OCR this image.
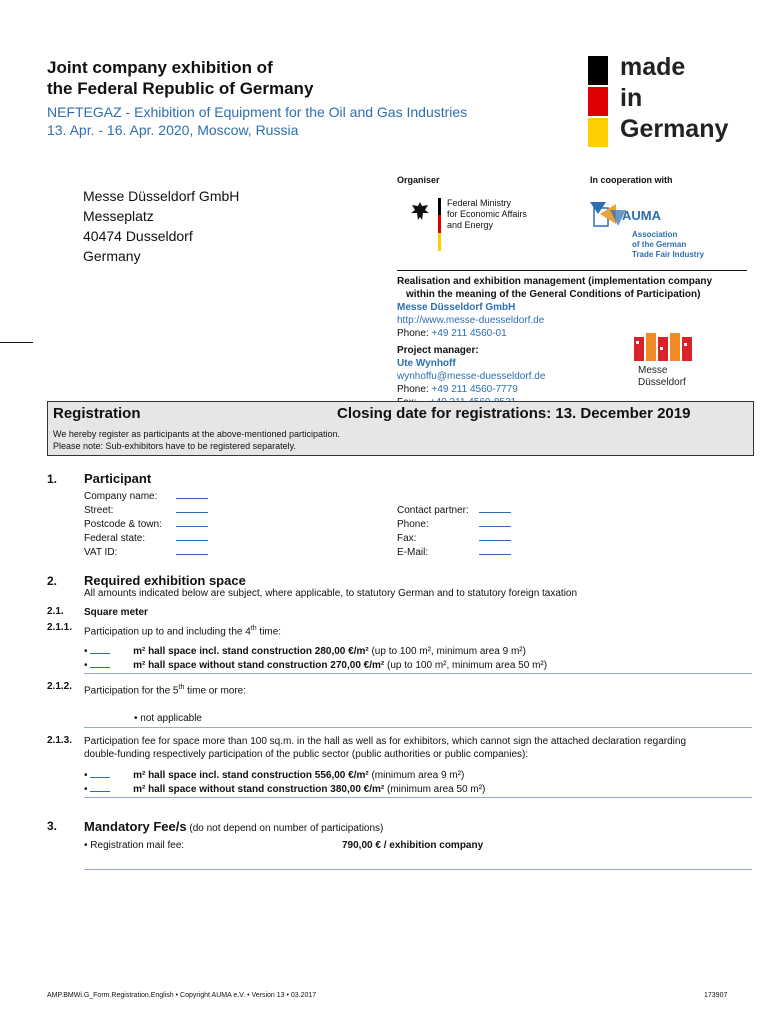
Joint company exhibition of
the Federal Republic of Germany
NEFTEGAZ - Exhibition of Equipment for the Oil and Gas Industries
13. Apr. - 16. Apr. 2020, Moscow, Russia
made
in
Germany
Organiser	In cooperation with
Messe Düsseldorf GmbH
Messeplatz
40474 Dusseldorf
Germany
Federal Ministry
for Economic Affairs
and Energy
AUMA
Association
of the German
Trade Fair Industry
Realisation and exhibition management (implementation company
within the meaning of the General Conditions of Participation)
Messe Düsseldorf GmbH
http://www.messe-duesseldorf.de
Phone: +49 211 4560-01
Project manager:
Ute Wynhoff
wynhoffu@messe-duesseldorf.de
Phone: +49 211 4560-7779
Messe
Düsseldorf
Registration	Closing date for registrations: 13. December 2019
We hereby register as participants at the above-mentioned participation.
Please note: Sub-exhibitors have to be registered separately.
1. Participant
Company name:
Street:
Postcode & town:
Federal state:
VAT ID:
Contact partner:
Phone:
Fax:
E-Mail:
2. Required exhibition space
All amounts indicated below are subject, where applicable, to statutory German and to statutory foreign taxation
2.1. Square meter
2.1.1. Participation up to and including the 4th time:
•	m² hall space incl. stand construction 280,00 €/m² (up to 100 m², minimum area 9 m²)
•	m² hall space without stand construction 270,00 €/m² (up to 100 m², minimum area 50 m²)
2.1.2. Participation for the 5th time or more:
• not applicable
2.1.3. Participation fee for space more than 100 sq.m. in the hall as well as for exhibitors, which cannot sign the attached declaration regarding
double-funding respectively participation of the public sector (public authorities or public companies):
•	m² hall space incl. stand construction 556,00 €/m² (minimum area 9 m²)
•	m² hall space without stand construction 380,00 €/m² (minimum area 50 m²)
3. Mandatory Fee/s (do not depend on number of participations)
• Registration mail fee:	790,00 € / exhibition company
AMP.BMWi.G_Form.Registration.English • Copyright AUMA e.V. • Version 13 • 03.2017	173907
